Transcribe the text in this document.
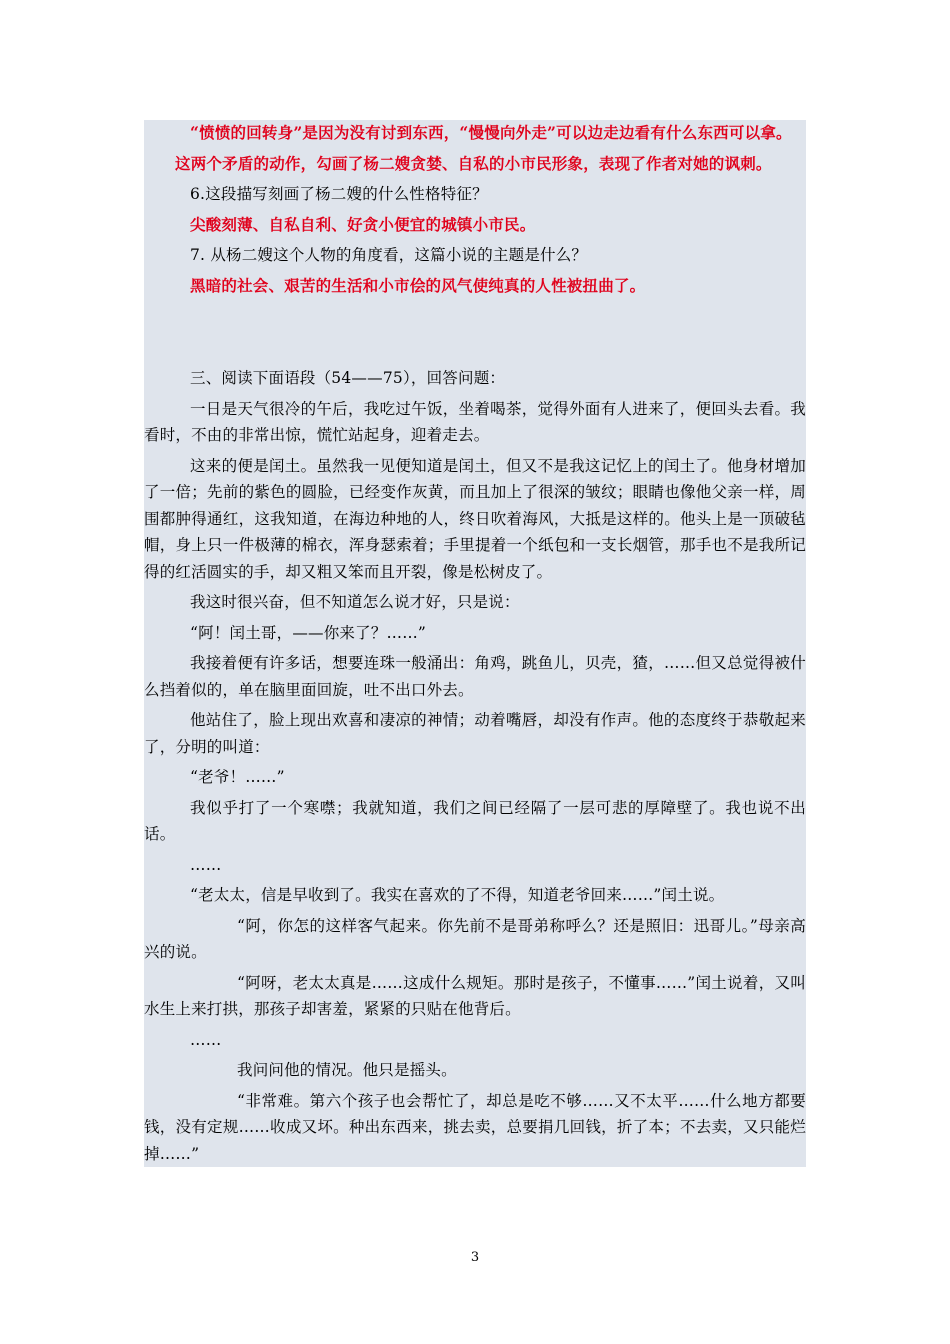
“愤愤的回转身”是因为没有讨到东西，“慢慢向外走”可以边走边看有什么东西可以拿。

这两个矛盾的动作，勾画了杨二嫂贪婪、自私的小市民形象，表现了作者对她的讽刺。

6.这段描写刻画了杨二嫂的什么性格特征？

尖酸刻薄、自私自利、好贪小便宜的城镇小市民。

7. 从杨二嫂这个人物的角度看，这篇小说的主题是什么？

黑暗的社会、艰苦的生活和小市侩的风气使纯真的人性被扭曲了。

三、阅读下面语段（54——75），回答问题：

一日是天气很冷的午后，我吃过午饭，坐着喝茶，觉得外面有人进来了，便回头去看。我看时，不由的非常出惊，慌忙站起身，迎着走去。

这来的便是闰土。虽然我一见便知道是闰土，但又不是我这记忆上的闰土了。他身材增加了一倍；先前的紫色的圆脸，已经变作灰黄，而且加上了很深的皱纹；眼睛也像他父亲一样，周围都肿得通红，这我知道，在海边种地的人，终日吹着海风，大抵是这样的。他头上是一顶破毡帽，身上只一件极薄的棉衣，浑身瑟索着；手里提着一个纸包和一支长烟管，那手也不是我所记得的红活圆实的手，却又粗又笨而且开裂，像是松树皮了。

我这时很兴奋，但不知道怎么说才好，只是说：

“阿！闰土哥，——你来了？……”

我接着便有许多话，想要连珠一般涌出：角鸡，跳鱼儿，贝壳，猹，……但又总觉得被什么挡着似的，单在脑里面回旋，吐不出口外去。

他站住了，脸上现出欢喜和凄凉的神情；动着嘴唇，却没有作声。他的态度终于恭敬起来了，分明的叫道：

“老爷！……”

我似乎打了一个寒噤；我就知道，我们之间已经隔了一层可悲的厚障壁了。我也说不出话。

……

“老太太，信是早收到了。我实在喜欢的了不得，知道老爷回来……”闰土说。

“阿，你怎的这样客气起来。你先前不是哥弟称呼么？还是照旧：迅哥儿。”母亲高兴的说。

“阿呀，老太太真是……这成什么规矩。那时是孩子，不懂事……”闰土说着，又叫水生上来打拱，那孩子却害羞，紧紧的只贴在他背后。

……

我问问他的情况。他只是摇头。

“非常难。第六个孩子也会帮忙了，却总是吃不够……又不太平……什么地方都要钱，没有定规……收成又坏。种出东西来，挑去卖，总要捐几回钱，折了本；不去卖，又只能烂掉……”

3
